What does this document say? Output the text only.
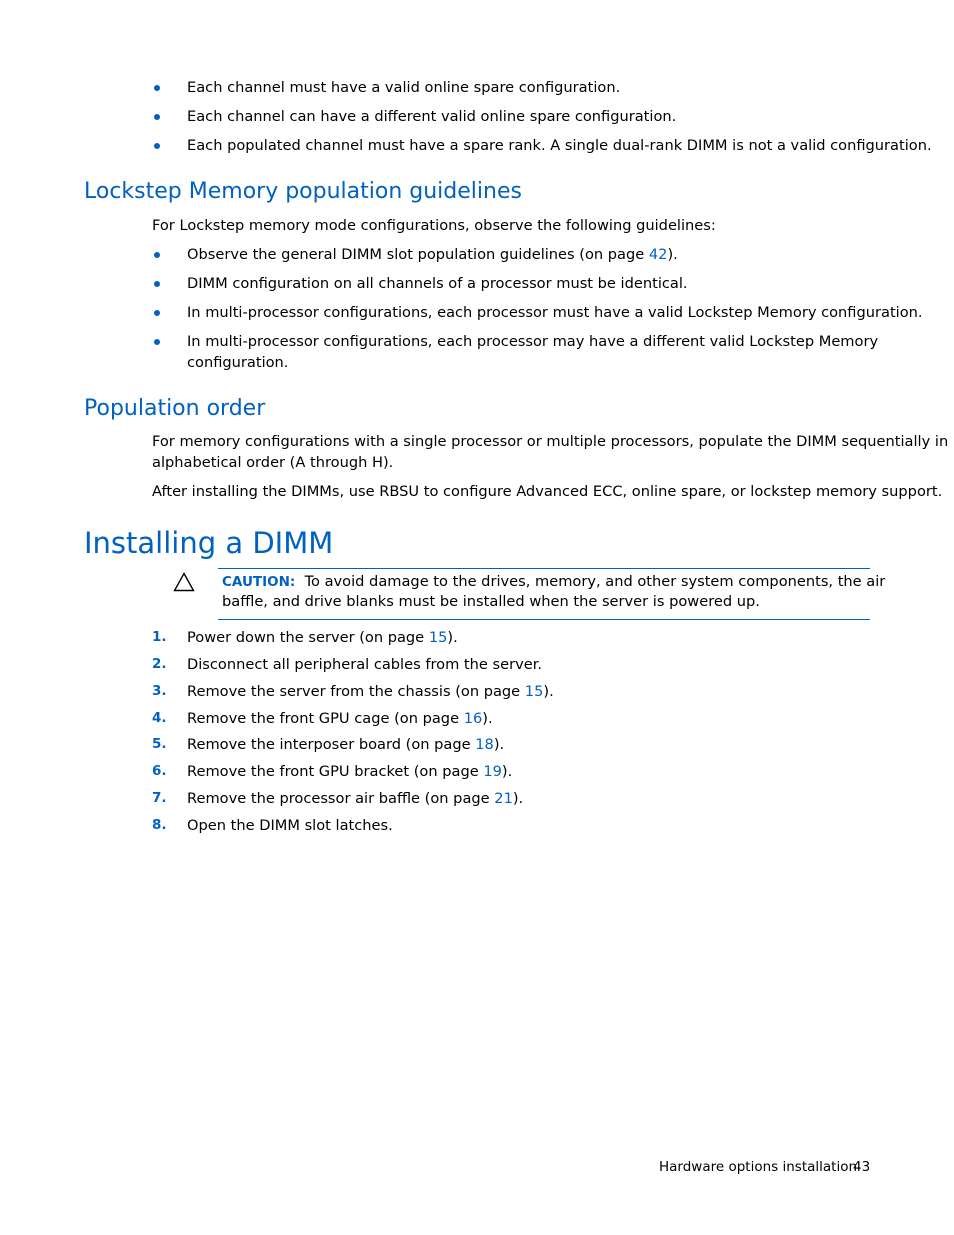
Each channel must have a valid online spare configuration.
Each channel can have a different valid online spare configuration.
Each populated channel must have a spare rank. A single dual-rank DIMM is not a valid configuration.
Lockstep Memory population guidelines
For Lockstep memory mode configurations, observe the following guidelines:
Observe the general DIMM slot population guidelines (on page 42).
DIMM configuration on all channels of a processor must be identical.
In multi-processor configurations, each processor must have a valid Lockstep Memory configuration.
In multi-processor configurations, each processor may have a different valid Lockstep Memory
configuration.
Population order
For memory configurations with a single processor or multiple processors, populate the DIMM sequentially in
alphabetical order (A through H).
After installing the DIMMs, use RBSU to configure Advanced ECC, online spare, or lockstep memory support.
Installing a DIMM
CAUTION: To avoid damage to the drives, memory, and other system components, the air
baffle, and drive blanks must be installed when the server is powered up.
1. Power down the server (on page 15).
2. Disconnect all peripheral cables from the server.
3. Remove the server from the chassis (on page 15).
4. Remove the front GPU cage (on page 16).
5. Remove the interposer board (on page 18).
6. Remove the front GPU bracket (on page 19).
7. Remove the processor air baffle (on page 21).
8. Open the DIMM slot latches.
Hardware options installation
43
